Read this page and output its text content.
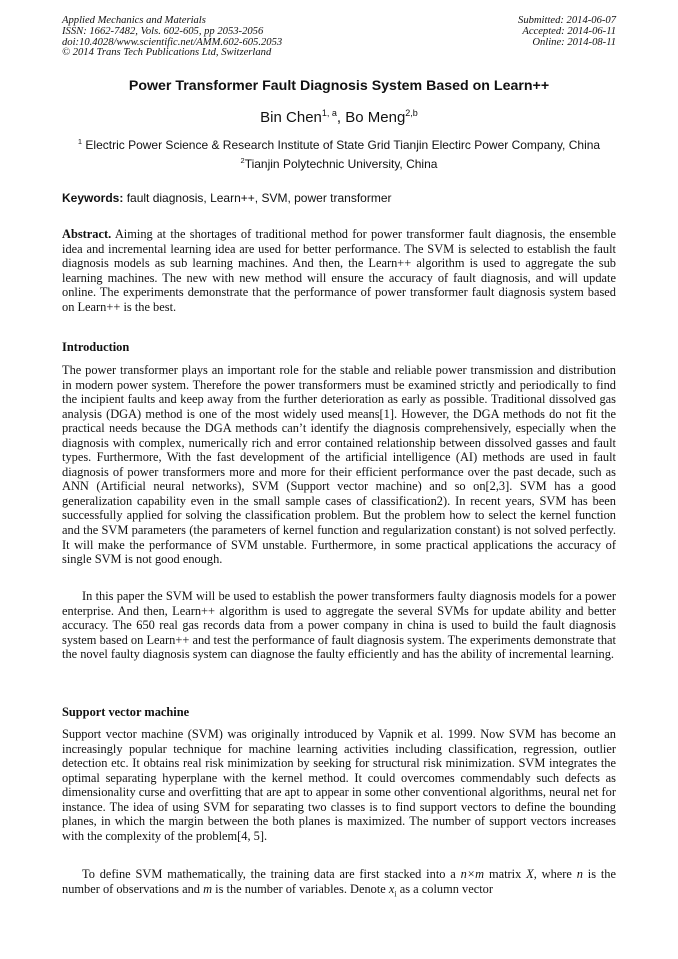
Applied Mechanics and Materials
ISSN: 1662-7482, Vols. 602-605, pp 2053-2056
doi:10.4028/www.scientific.net/AMM.602-605.2053
© 2014 Trans Tech Publications Ltd, Switzerland
Submitted: 2014-06-07
Accepted: 2014-06-11
Online: 2014-08-11
Power Transformer Fault Diagnosis System Based on Learn++
Bin Chen$^{1, a}$, Bo Meng$^{2,b}$
$^1$ Electric Power Science & Research Institute of State Grid Tianjin Electirc Power Company, China
$^2$Tianjin Polytechnic University, China
Keywords: fault diagnosis, Learn++, SVM, power transformer
Abstract. Aiming at the shortages of traditional method for power transformer fault diagnosis, the ensemble idea and incremental learning idea are used for better performance. The SVM is selected to establish the fault diagnosis models as sub learning machines. And then, the Learn++ algorithm is used to aggregate the sub learning machines. The new with new method will ensure the accuracy of fault diagnosis, and will update online. The experiments demonstrate that the performance of power transformer fault diagnosis system based on Learn++ is the best.
Introduction
The power transformer plays an important role for the stable and reliable power transmission and distribution in modern power system. Therefore the power transformers must be examined strictly and periodically to find the incipient faults and keep away from the further deterioration as early as possible. Traditional dissolved gas analysis (DGA) method is one of the most widely used means[1]. However, the DGA methods do not fit the practical needs because the DGA methods can’t identify the diagnosis comprehensively, especially when the diagnosis with complex, numerically rich and error contained relationship between dissolved gasses and fault types. Furthermore, With the fast development of the artificial intelligence (AI) methods are used in fault diagnosis of power transformers more and more for their efficient performance over the past decade, such as ANN (Artificial neural networks), SVM (Support vector machine) and so on[2,3]. SVM has a good generalization capability even in the small sample cases of classification2). In recent years, SVM has been successfully applied for solving the classification problem. But the problem how to select the kernel function and the SVM parameters (the parameters of kernel function and regularization constant) is not solved perfectly. It will make the performance of SVM unstable. Furthermore, in some practical applications the accuracy of single SVM is not good enough.
In this paper the SVM will be used to establish the power transformers faulty diagnosis models for a power enterprise. And then, Learn++ algorithm is used to aggregate the several SVMs for update ability and better accuracy. The 650 real gas records data from a power company in china is used to build the fault diagnosis system based on Learn++ and test the performance of fault diagnosis system. The experiments demonstrate that the novel faulty diagnosis system can diagnose the faulty efficiently and has the ability of incremental learning.
Support vector machine
Support vector machine (SVM) was originally introduced by Vapnik et al. 1999. Now SVM has become an increasingly popular technique for machine learning activities including classification, regression, outlier detection etc. It obtains real risk minimization by seeking for structural risk minimization. SVM integrates the optimal separating hyperplane with the kernel method. It could overcomes commendably such defects as dimensionality curse and overfitting that are apt to appear in some other conventional algorithms, neural net for instance. The idea of using SVM for separating two classes is to find support vectors to define the bounding planes, in which the margin between the both planes is maximized. The number of support vectors increases with the complexity of the problem[4, 5].
To define SVM mathematically, the training data are first stacked into a n×m matrix X, where n is the number of observations and m is the number of variables. Denote $x_i$ as a column vector
